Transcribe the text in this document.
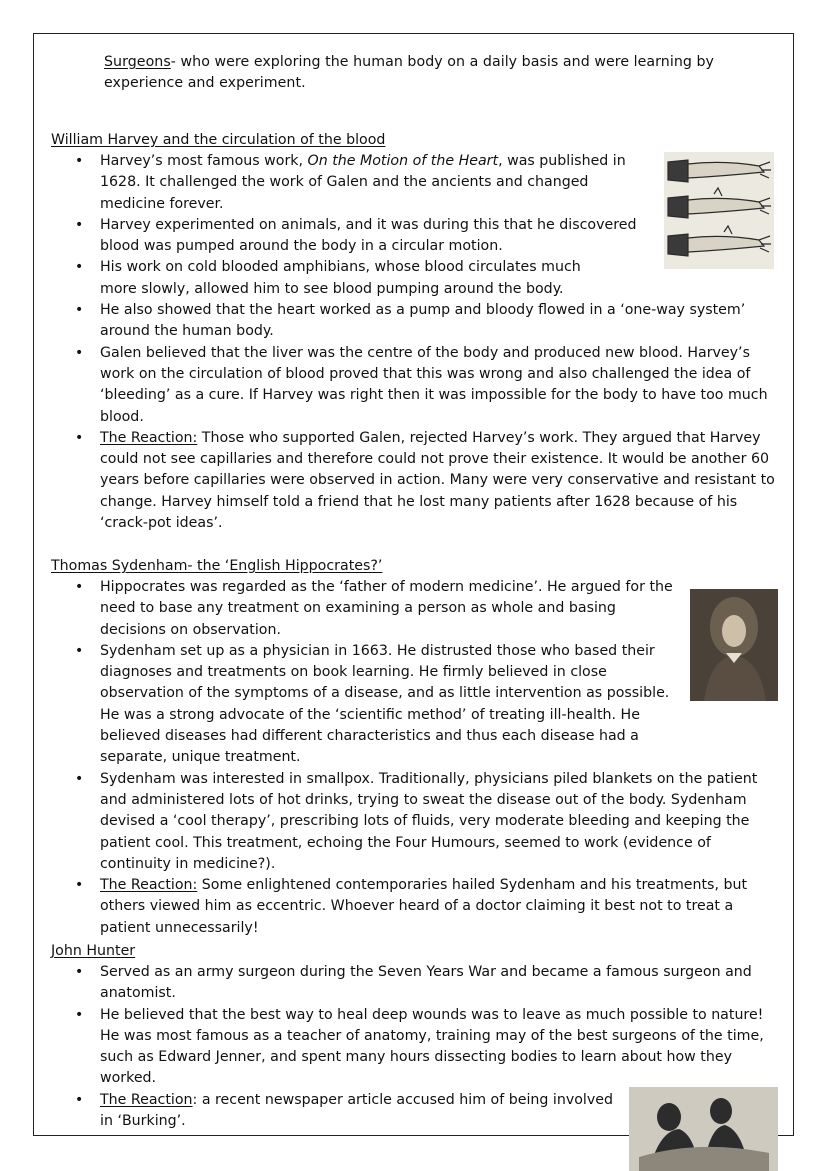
Surgeons- who were exploring the human body on a daily basis and were learning by
experience and experiment.
William Harvey and the circulation of the blood
• Harvey’s most famous work, On the Motion of the Heart, was published in 1628. It challenged the work of Galen and the ancients and changed medicine forever.
• Harvey experimented on animals, and it was during this that he discovered blood was pumped around the body in a circular motion.
• His work on cold blooded amphibians, whose blood circulates much more slowly, allowed him to see blood pumping around the body.
• He also showed that the heart worked as a pump and bloody flowed in a ‘one-way system’ around the human body.
• Galen believed that the liver was the centre of the body and produced new blood. Harvey’s work on the circulation of blood proved that this was wrong and also challenged the idea of ‘bleeding’ as a cure. If Harvey was right then it was impossible for the body to have too much blood.
• The Reaction: Those who supported Galen, rejected Harvey’s work. They argued that Harvey could not see capillaries and therefore could not prove their existence. It would be another 60 years before capillaries were observed in action. Many were very conservative and resistant to change. Harvey himself told a friend that he lost many patients after 1628 because of his ‘crack-pot ideas’.
Thomas Sydenham- the ‘English Hippocrates?’
• Hippocrates was regarded as the ‘father of modern medicine’. He argued for the need to base any treatment on examining a person as whole and basing decisions on observation.
• Sydenham set up as a physician in 1663. He distrusted those who based their diagnoses and treatments on book learning. He firmly believed in close observation of the symptoms of a disease, and as little intervention as possible. He was a strong advocate of the ‘scientific method’ of treating ill-health. He believed diseases had different characteristics and thus each disease had a separate, unique treatment.
• Sydenham was interested in smallpox. Traditionally, physicians piled blankets on the patient and administered lots of hot drinks, trying to sweat the disease out of the body. Sydenham devised a ‘cool therapy’, prescribing lots of fluids, very moderate bleeding and keeping the patient cool. This treatment, echoing the Four Humours, seemed to work (evidence of continuity in medicine?).
• The Reaction: Some enlightened contemporaries hailed Sydenham and his treatments, but others viewed him as eccentric. Whoever heard of a doctor claiming it best not to treat a patient unnecessarily!
John Hunter
• Served as an army surgeon during the Seven Years War and became a famous surgeon and anatomist.
• He believed that the best way to heal deep wounds was to leave as much possible to nature! He was most famous as a teacher of anatomy, training may of the best surgeons of the time, such as Edward Jenner, and spent many hours dissecting bodies to learn about how they worked.
• The Reaction: a recent newspaper article accused him of being involved in ‘Burking’.
